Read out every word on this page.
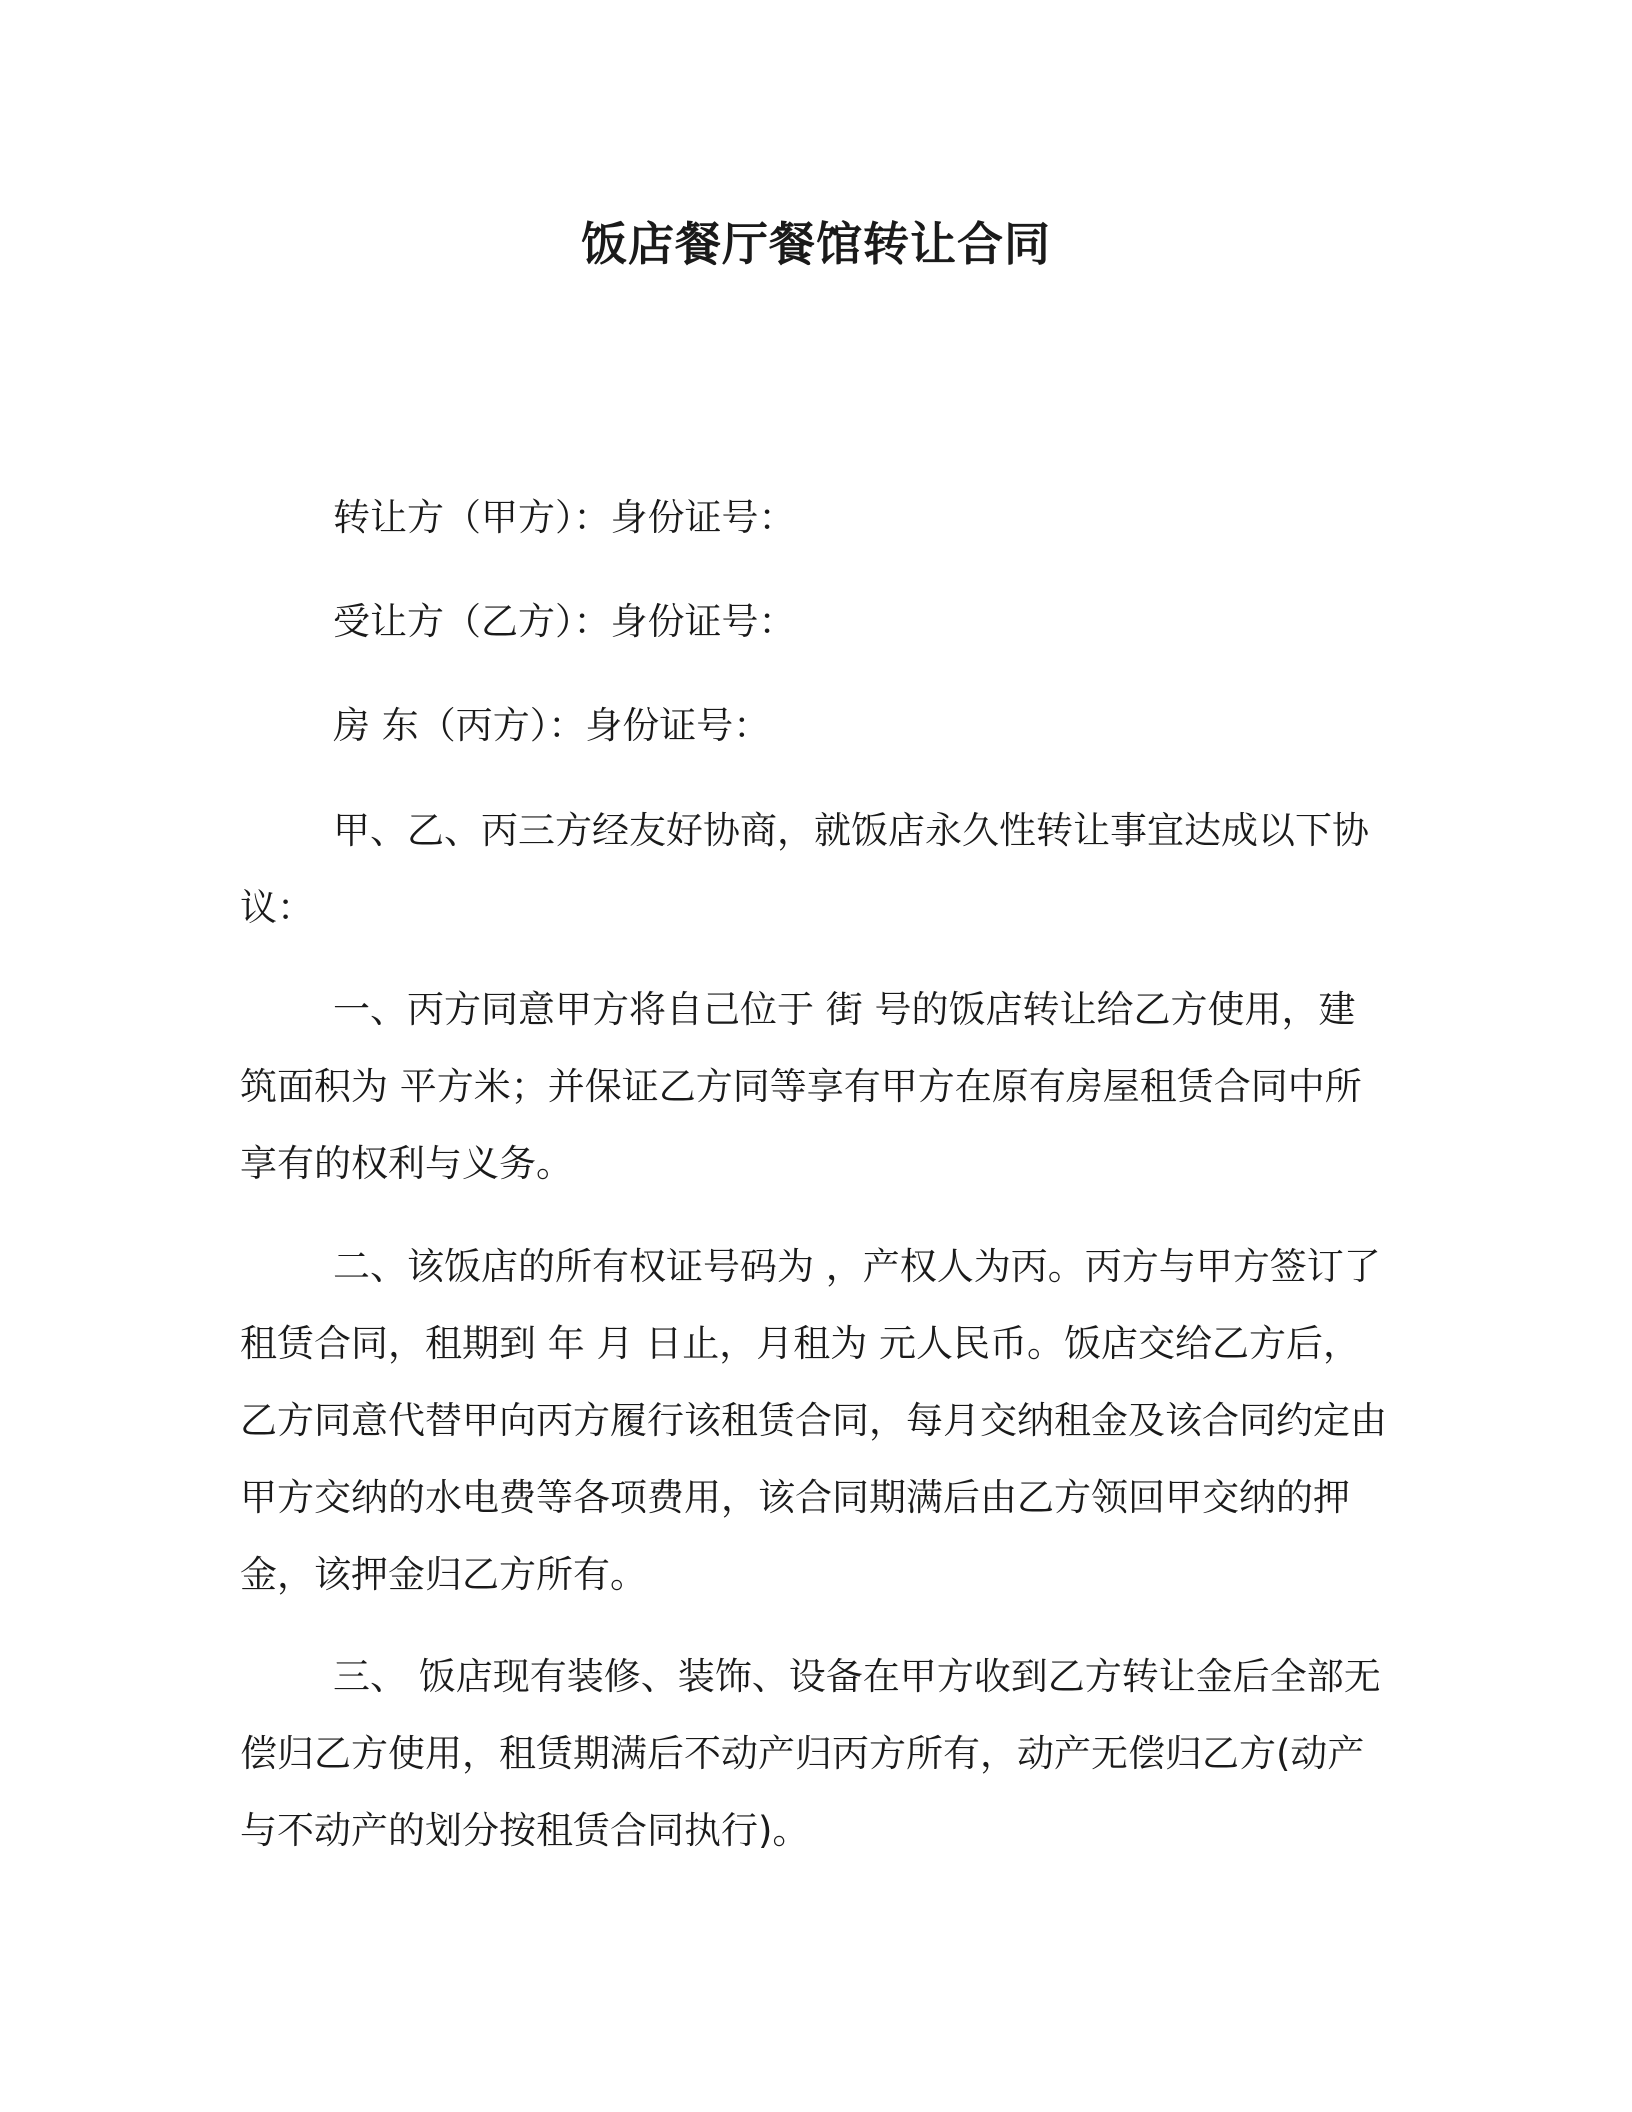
饭店餐厅餐馆转让合同
转让方（甲方）：身份证号：
受让方（乙方）：身份证号：
房 东（丙方）：身份证号：

甲、乙、丙三方经友好协商，就饭店永久性转让事宜达成以下协议：

一、丙方同意甲方将自己位于 街 号的饭店转让给乙方使用，建筑面积为 平方米；并保证乙方同等享有甲方在原有房屋租赁合同中所享有的权利与义务。

二、该饭店的所有权证号码为 ，产权人为丙。丙方与甲方签订了租赁合同，租期到 年 月 日止，月租为 元人民币。饭店交给乙方后，乙方同意代替甲向丙方履行该租赁合同，每月交纳租金及该合同约定由甲方交纳的水电费等各项费用，该合同期满后由乙方领回甲交纳的押金，该押金归乙方所有。

三、 饭店现有装修、装饰、设备在甲方收到乙方转让金后全部无偿归乙方使用，租赁期满后不动产归丙方所有，动产无偿归乙方(动产与不动产的划分按租赁合同执行)。
